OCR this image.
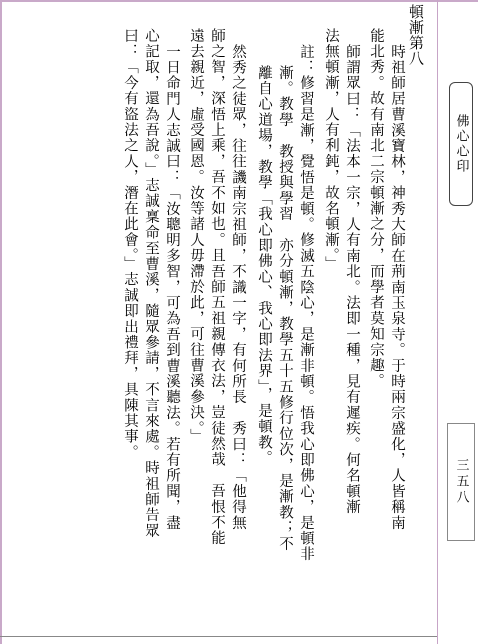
頓漸第八
時祖師居曹溪寶林，神秀大師在荊南玉泉寺。于時兩宗盛化，人皆稱南
能北秀。故有南北二宗頓漸之分，而學者莫知宗趣。
師謂眾曰：「法本一宗，人有南北。法即一種，見有遲疾。何名頓漸
法無頓漸，人有利鈍，故名頓漸。」
註：修習是漸，覺悟是頓。修滅五陰心，是漸非頓。悟我心即佛心，是頓非
漸。教學　教授與學習　亦分頓漸，教學五十五修行位次，是漸教；不
離自心道場，教學「我心即佛心、我心即法界」，是頓教。
然秀之徒眾，往往譏南宗祖師，不識一字，有何所長　秀曰：「他得無
師之智，深悟上乘，吾不如也。且吾師五祖親傳衣法，豈徒然哉　吾恨不能
遠去親近，虛受國恩。汝等諸人毋滯於此，可往曹溪參決。」
一日命門人志誠曰：「汝聰明多智，可為吾到曹溪聽法。若有所聞，盡
心記取，還為吾說。」志誠稟命至曹溪，隨眾參請，不言來處。時祖師告眾
曰：「今有盜法之人，潛在此會。」志誠即出禮拜，具陳其事。	佛心心印
三五八
